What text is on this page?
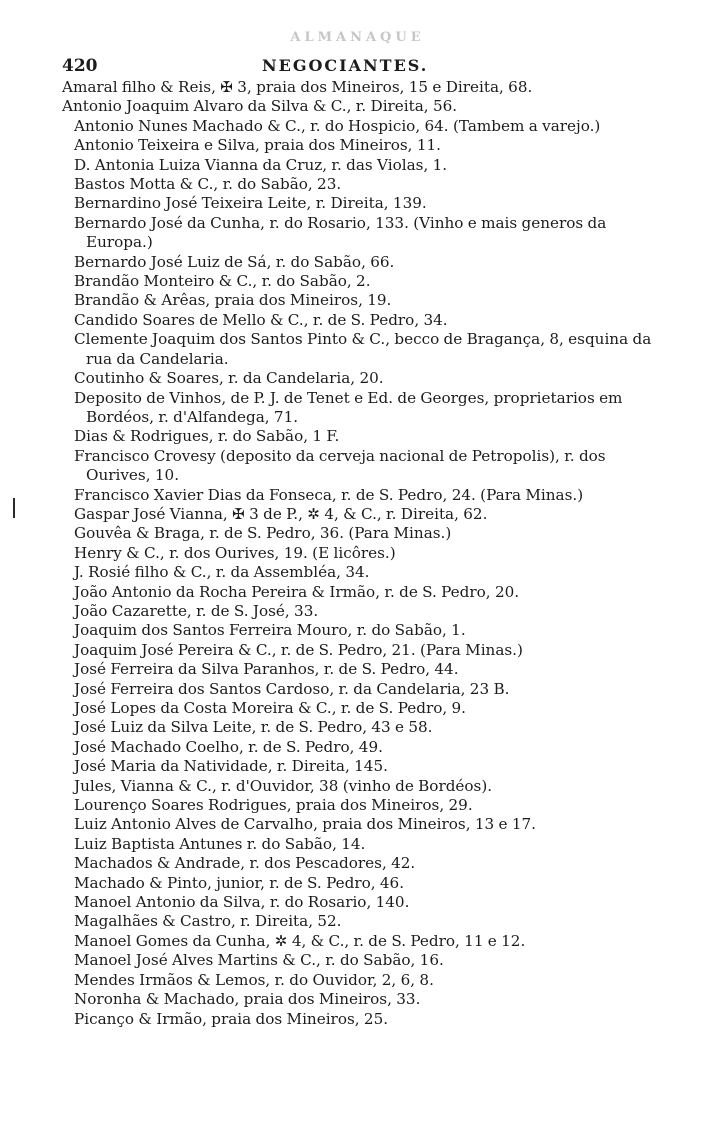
ALMANAQUE
420	NEGOCIANTES.
Amaral filho & Reis, ✠ 3, praia dos Mineiros, 15 e Direita, 68.
Antonio Joaquim Alvaro da Silva & C., r. Direita, 56.
Antonio Nunes Machado & C., r. do Hospicio, 64. (Tambem a varejo.)
Antonio Teixeira e Silva, praia dos Mineiros, 11.
D. Antonia Luiza Vianna da Cruz, r. das Violas, 1.
Bastos Motta & C., r. do Sabão, 23.
Bernardino José Teixeira Leite, r. Direita, 139.
Bernardo José da Cunha, r. do Rosario, 133. (Vinho e mais generos da Europa.)
Bernardo José Luiz de Sá, r. do Sabão, 66.
Brandão Monteiro & C., r. do Sabão, 2.
Brandão & Arêas, praia dos Mineiros, 19.
Candido Soares de Mello & C., r. de S. Pedro, 34.
Clemente Joaquim dos Santos Pinto & C., becco de Bragança, 8, esquina da rua da Candelaria.
Coutinho & Soares, r. da Candelaria, 20.
Deposito de Vinhos, de P. J. de Tenet e Ed. de Georges, proprietarios em Bordéos, r. d'Alfandega, 71.
Dias & Rodrigues, r. do Sabão, 1 F.
Francisco Crovesy (deposito da cerveja nacional de Petropolis), r. dos Ourives, 10.
Francisco Xavier Dias da Fonseca, r. de S. Pedro, 24. (Para Minas.)
Gaspar José Vianna, ✠ 3 de P., ✲ 4, & C., r. Direita, 62.
Gouvêa & Braga, r. de S. Pedro, 36. (Para Minas.)
Henry & C., r. dos Ourives, 19. (E licôres.)
J. Rosié filho & C., r. da Assembléa, 34.
João Antonio da Rocha Pereira & Irmão, r. de S. Pedro, 20.
João Cazarette, r. de S. José, 33.
Joaquim dos Santos Ferreira Mouro, r. do Sabão, 1.
Joaquim José Pereira & C., r. de S. Pedro, 21. (Para Minas.)
José Ferreira da Silva Paranhos, r. de S. Pedro, 44.
José Ferreira dos Santos Cardoso, r. da Candelaria, 23 B.
José Lopes da Costa Moreira & C., r. de S. Pedro, 9.
José Luiz da Silva Leite, r. de S. Pedro, 43 e 58.
José Machado Coelho, r. de S. Pedro, 49.
José Maria da Natividade, r. Direita, 145.
Jules, Vianna & C., r. d'Ouvidor, 38 (vinho de Bordéos).
Lourenço Soares Rodrigues, praia dos Mineiros, 29.
Luiz Antonio Alves de Carvalho, praia dos Mineiros, 13 e 17.
Luiz Baptista Antunes r. do Sabão, 14.
Machados & Andrade, r. dos Pescadores, 42.
Machado & Pinto, junior, r. de S. Pedro, 46.
Manoel Antonio da Silva, r. do Rosario, 140.
Magalhães & Castro, r. Direita, 52.
Manoel Gomes da Cunha, ✲ 4, & C., r. de S. Pedro, 11 e 12.
Manoel José Alves Martins & C., r. do Sabão, 16.
Mendes Irmãos & Lemos, r. do Ouvidor, 2, 6, 8.
Noronha & Machado, praia dos Mineiros, 33.
Picanço & Irmão, praia dos Mineiros, 25.
